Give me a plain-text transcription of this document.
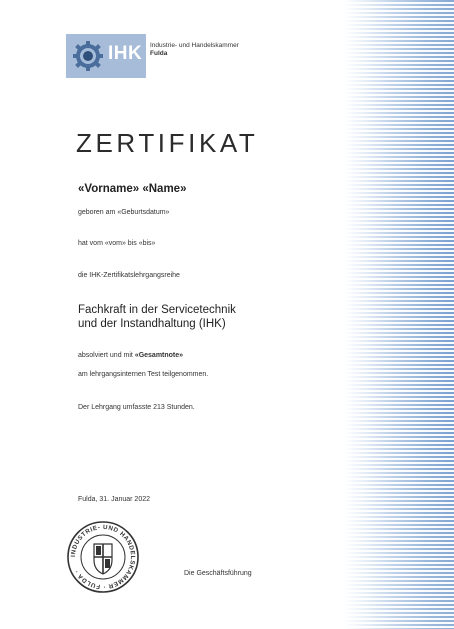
IHK Industrie- und Handelskammer
Fulda
ZERTIFIKAT
«Vorname» «Name»
geboren am «Geburtsdatum»
hat vom «vom» bis «bis»
die IHK-Zertifikatslehrgangsreihe
Fachkraft in der Servicetechnik
und der Instandhaltung (IHK)
absolviert und mit «Gesamtnote»
am lehrgangsinternen Test teilgenommen.
Der Lehrgang umfasste 213 Stunden.
Fulda, 31. Januar 2022
INDUSTRIE- UND HANDELSKAMMER · FULDA ·	Die Geschäftsführung
